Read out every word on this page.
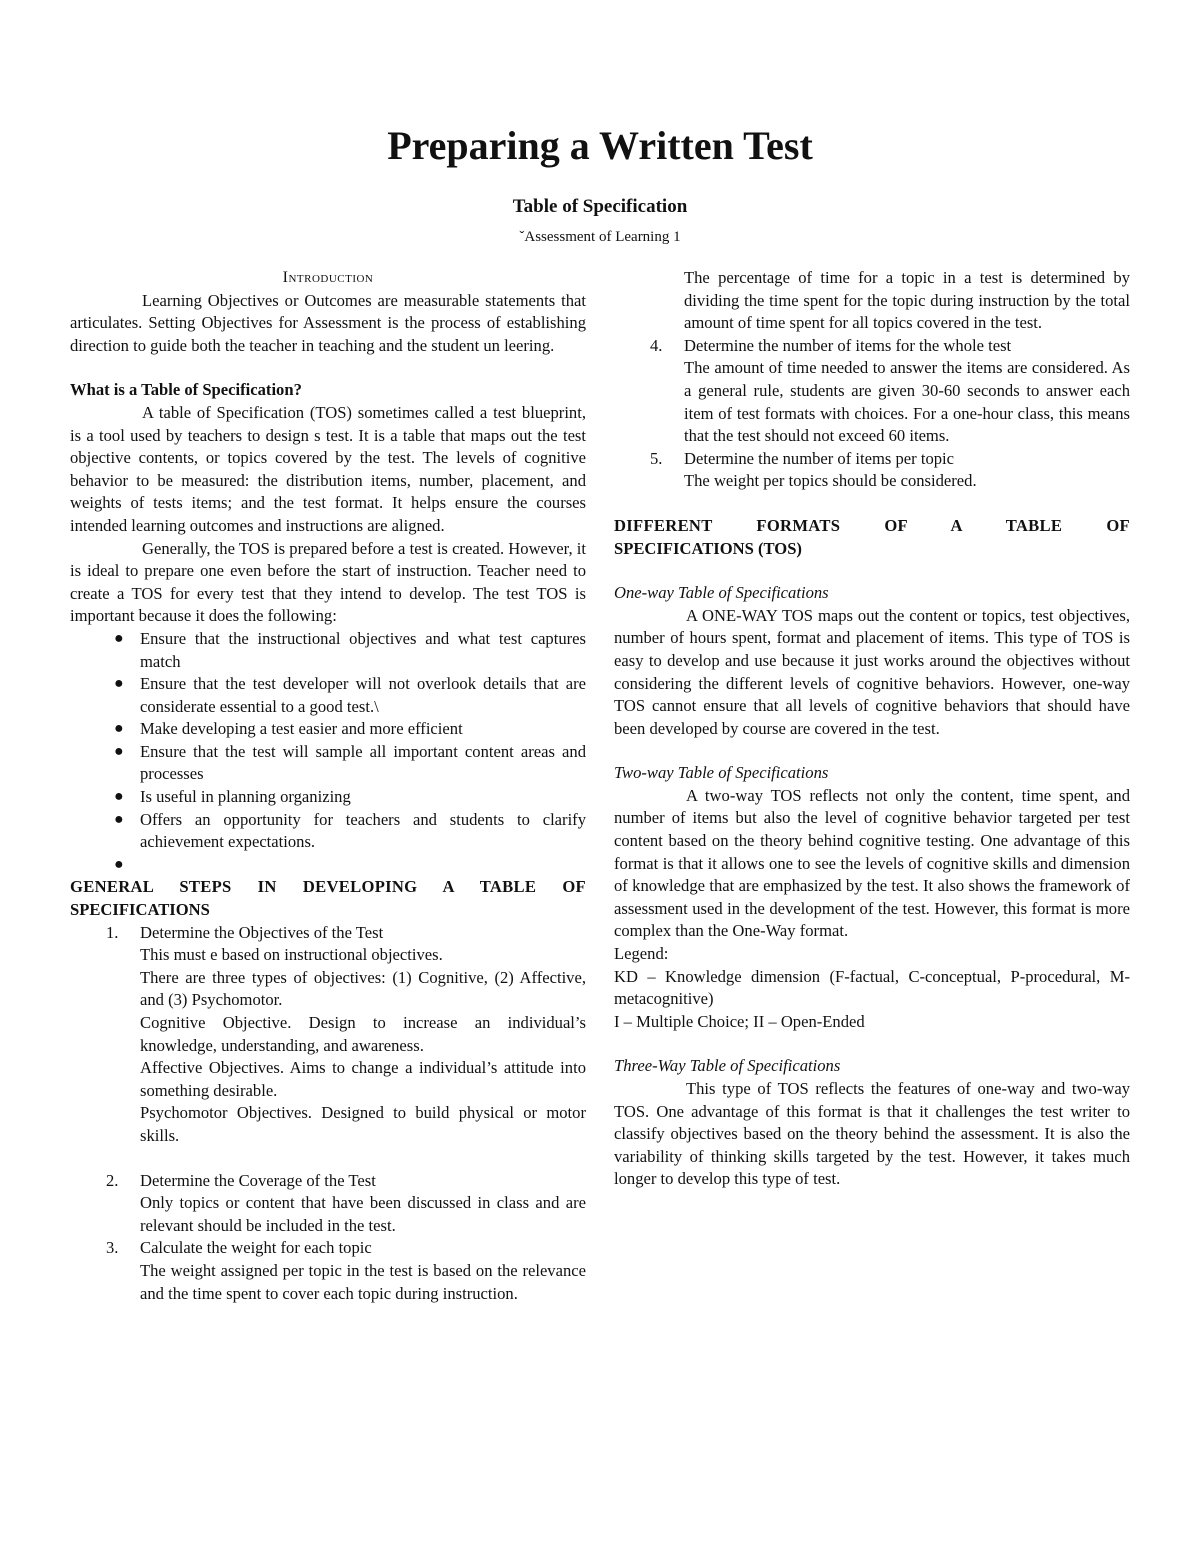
Preparing a Written Test

Table of Specification

ˇAssessment of Learning 1

Introduction

Learning Objectives or Outcomes are measurable statements that articulates. Setting Objectives for Assessment is the process of establishing direction to guide both the teacher in teaching and the student un leering.

What is a Table of Specification?

A table of Specification (TOS) sometimes called a test blueprint, is a tool used by teachers to design s test. It is a table that maps out the test objective contents, or topics covered by the test. The levels of cognitive behavior to be measured: the distribution items, number, placement, and weights of tests items; and the test format. It helps ensure the courses intended learning outcomes and instructions are aligned.

Generally, the TOS is prepared before a test is created. However, it is ideal to prepare one even before the start of instruction. Teacher need to create a TOS for every test that they intend to develop. The test TOS is important because it does the following:

● Ensure that the instructional objectives and what test captures match
● Ensure that the test developer will not overlook details that are considerate essential to a good test.\
● Make developing a test easier and more efficient
● Ensure that the test will sample all important content areas and processes
● Is useful in planning organizing
● Offers an opportunity for teachers and students to clarify achievement expectations.
●

GENERAL STEPS IN DEVELOPING A TABLE OF

SPECIFICATIONS

1. Determine the Objectives of the Test

This must e based on instructional objectives.

There are three types of objectives: (1) Cognitive, (2) Affective, and (3) Psychomotor.

Cognitive Objective. Design to increase an individual’s knowledge, understanding, and awareness.

Affective Objectives. Aims to change a individual’s attitude into something desirable.

Psychomotor Objectives. Designed to build physical or motor skills.

2. Determine the Coverage of the Test

Only topics or content that have been discussed in class and are relevant should be included in the test.

3. Calculate the weight for each topic

The weight assigned per topic in the test is based on the relevance and the time spent to cover each topic during instruction.

The percentage of time for a topic in a test is determined by dividing the time spent for the topic during instruction by the total amount of time spent for all topics covered in the test.

4. Determine the number of items for the whole test

The amount of time needed to answer the items are considered. As a general rule, students are given 30-60 seconds to answer each item of test formats with choices. For a one-hour class, this means that the test should not exceed 60 items.

5. Determine the number of items per topic

The weight per topics should be considered.

DIFFERENT FORMATS OF A TABLE OF

SPECIFICATIONS (TOS)

One-way Table of Specifications

A ONE-WAY TOS maps out the content or topics, test objectives, number of hours spent, format and placement of items. This type of TOS is easy to develop and use because it just works around the objectives without considering the different levels of cognitive behaviors. However, one-way TOS cannot ensure that all levels of cognitive behaviors that should have been developed by course are covered in the test.

Two-way Table of Specifications

A two-way TOS reflects not only the content, time spent, and number of items but also the level of cognitive behavior targeted per test content based on the theory behind cognitive testing. One advantage of this format is that it allows one to see the levels of cognitive skills and dimension of knowledge that are emphasized by the test. It also shows the framework of assessment used in the development of the test. However, this format is more complex than the One-Way format.

Legend:

KD – Knowledge dimension (F-factual, C-conceptual, P-procedural, M-metacognitive)

I – Multiple Choice; II – Open-Ended

Three-Way Table of Specifications

This type of TOS reflects the features of one-way and two-way TOS. One advantage of this format is that it challenges the test writer to classify objectives based on the theory behind the assessment. It is also the variability of thinking skills targeted by the test. However, it takes much longer to develop this type of test.
